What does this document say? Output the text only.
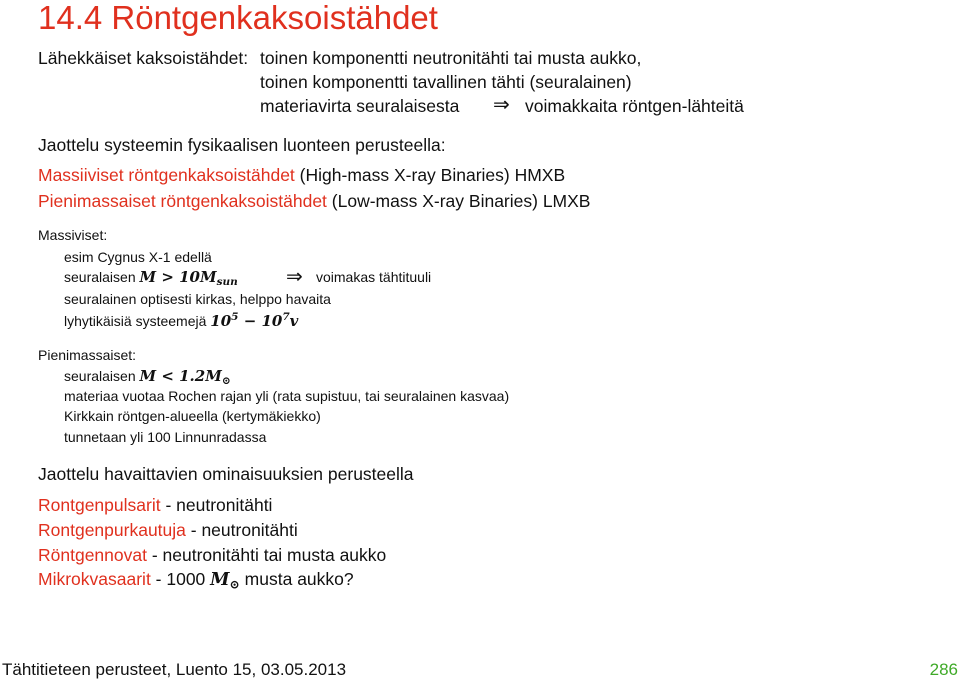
14.4 Röntgenkaksoistähdet
Lähekkäiset kaksoistähdet: toinen komponentti neutronitähti tai musta aukko,
toinen komponentti tavallinen tähti (seuralainen)
materiavirta seuralaisesta ⇒ voimakkaita röntgen-lähteitä
Jaottelu systeemin fysikaalisen luonteen perusteella:
Massiiviset röntgenkaksoistähdet (High-mass X-ray Binaries) HMXB
Pienimassaiset röntgenkaksoistähdet (Low-mass X-ray Binaries) LMXB
Massiviset:
esim Cygnus X-1 edellä
seuralaisen $M > 10M_{sun}$ ⇒ voimakas tähtituuli
seuralainen optisesti kirkas, helppo havaita
lyhytikäisiä systeemejä $10^5 - 10^7v$
Pienimassaiset:
seuralaisen $M < 1.2M_⊙$
materiaa vuotaa Rochen rajan yli (rata supistuu, tai seuralainen kasvaa)
Kirkkain röntgen-alueella (kertymäkiekko)
tunnetaan yli 100 Linnunradassa
Jaottelu havaittavien ominaisuuksien perusteella
Rontgenpulsarit - neutronitähti
Rontgenpurkautuja - neutronitähti
Röntgennovat - neutronitähti tai musta aukko
Mikrokvasaarit - 1000 $M_⊙$ musta aukko?
Tähtitieteen perusteet, Luento 15, 03.05.2013	286
